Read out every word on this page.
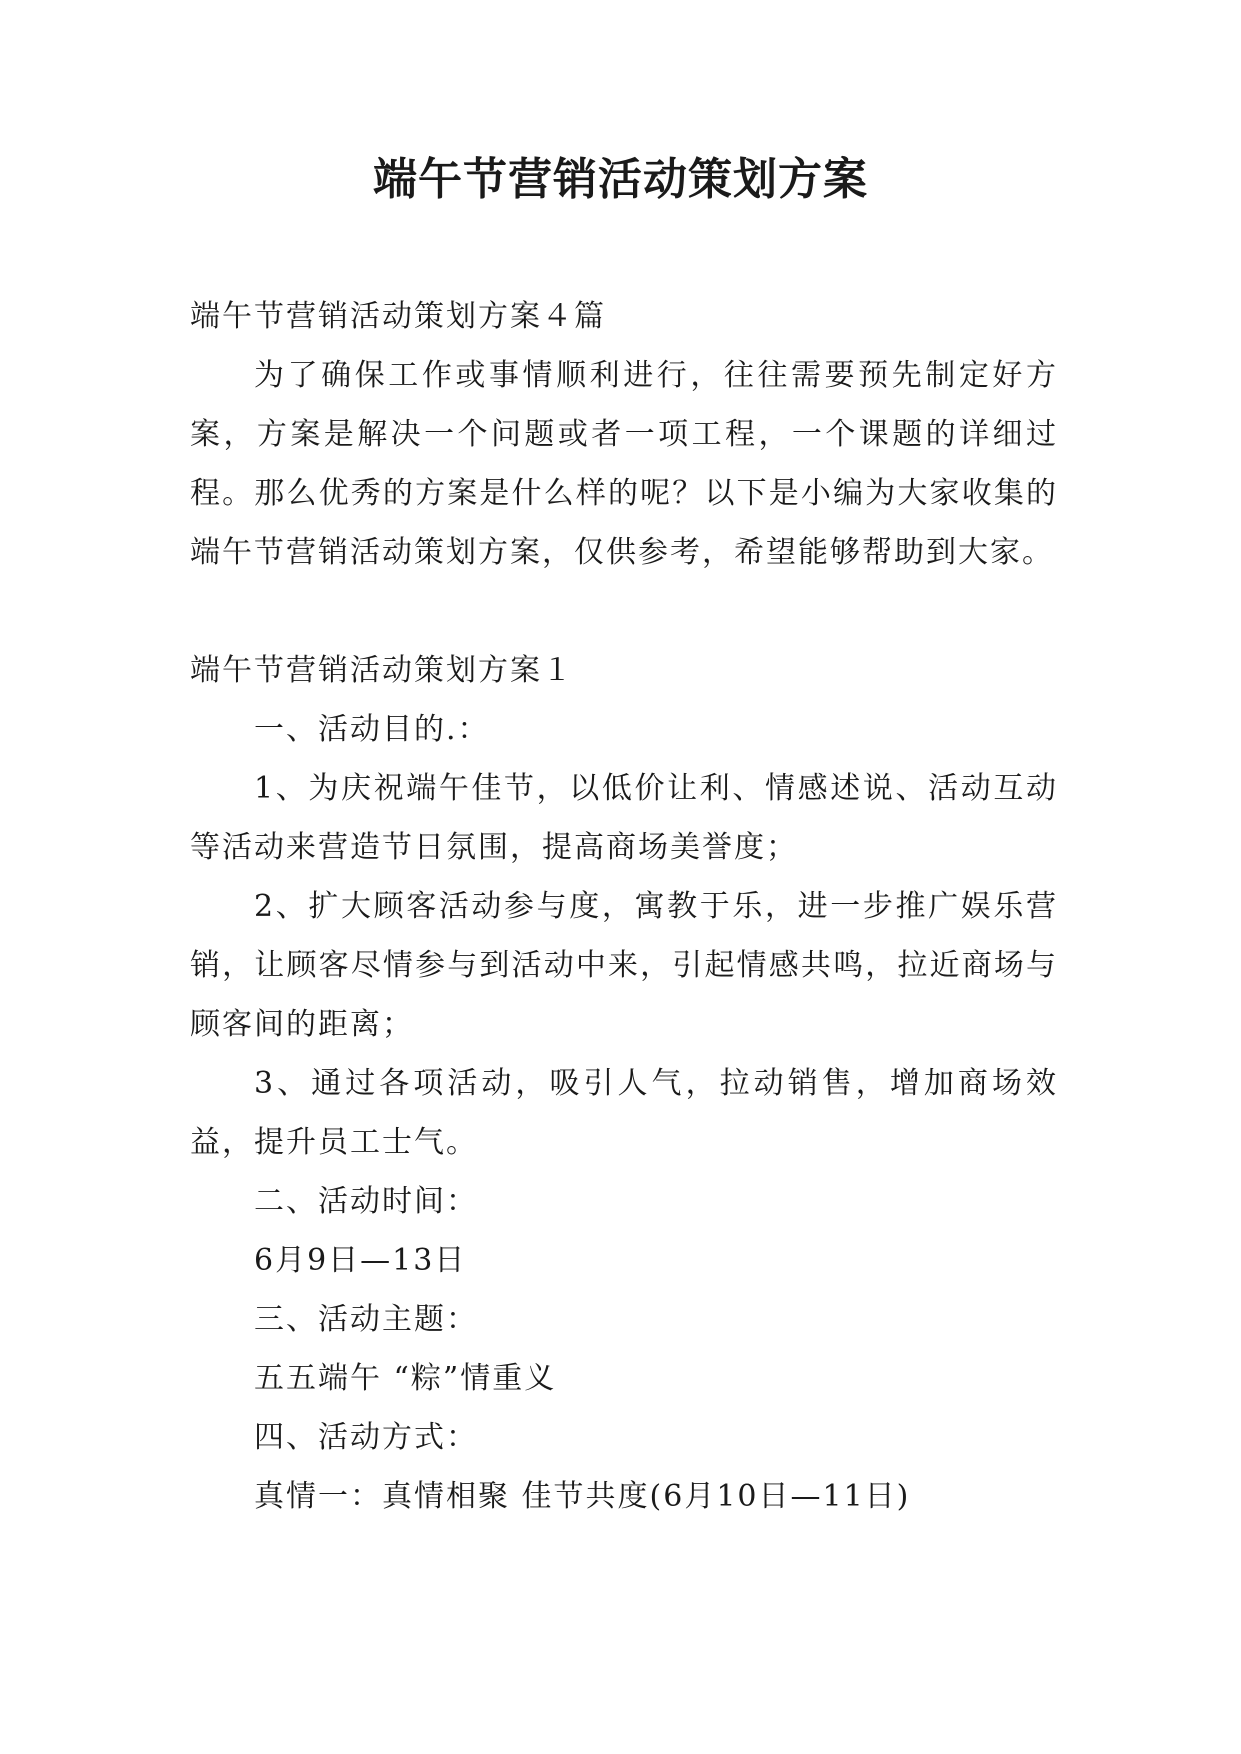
端午节营销活动策划方案

端午节营销活动策划方案４篇

为了确保工作或事情顺利进行，往往需要预先制定好方案，方案是解决一个问题或者一项工程，一个课题的详细过程。那么优秀的方案是什么样的呢？以下是小编为大家收集的端午节营销活动策划方案，仅供参考，希望能够帮助到大家。

端午节营销活动策划方案１

一、活动目的.：

1、为庆祝端午佳节，以低价让利、情感述说、活动互动等活动来营造节日氛围，提高商场美誉度；

2、扩大顾客活动参与度，寓教于乐，进一步推广娱乐营销，让顾客尽情参与到活动中来，引起情感共鸣，拉近商场与顾客间的距离；

3、通过各项活动，吸引人气，拉动销售，增加商场效益，提升员工士气。

二、活动时间：

6月9日—13日

三、活动主题：

五五端午 “粽”情重义

四、活动方式：

真情一：真情相聚 佳节共度(6月10日—11日)
